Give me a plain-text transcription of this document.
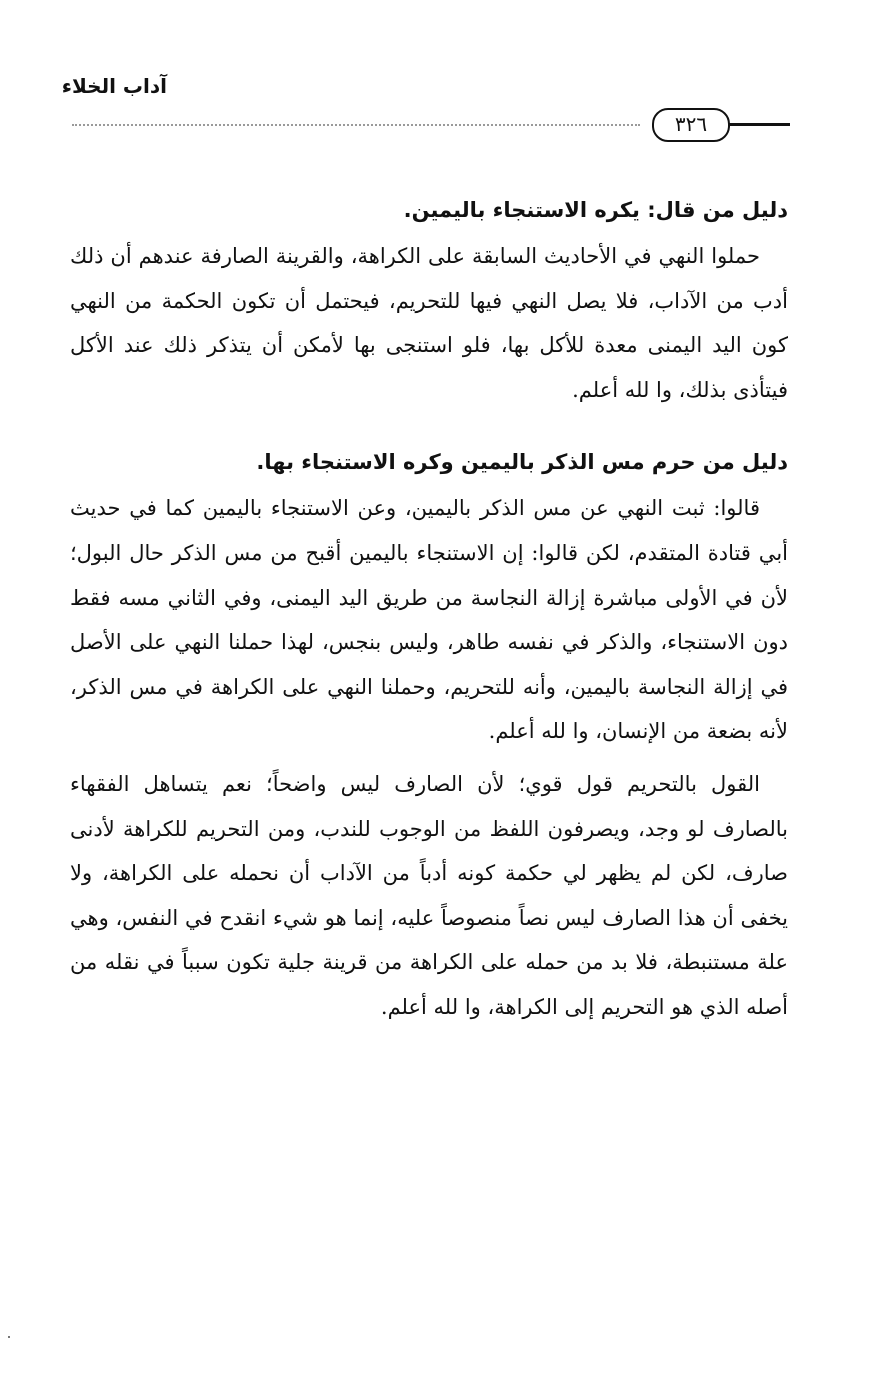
آداب الخلاء
٣٢٦
دليل من قال: يكره الاستنجاء باليمين.

حملوا النهي في الأحاديث السابقة على الكراهة، والقرينة الصارفة عندهم أن ذلك أدب من الآداب، فلا يصل النهي فيها للتحريم، فيحتمل أن تكون الحكمة من النهي كون اليد اليمنى معدة للأكل بها، فلو استنجى بها لأمكن أن يتذكر ذلك عند الأكل فيتأذى بذلك، وا لله أعلم.

دليل من حرم مس الذكر باليمين وكره الاستنجاء بها.

قالوا: ثبت النهي عن مس الذكر باليمين، وعن الاستنجاء باليمين كما في حديث أبي قتادة المتقدم، لكن قالوا: إن الاستنجاء باليمين أقبح من مس الذكر حال البول؛ لأن في الأولى مباشرة إزالة النجاسة من طريق اليد اليمنى، وفي الثاني مسه فقط دون الاستنجاء، والذكر في نفسه طاهر، وليس بنجس، لهذا حملنا النهي على الأصل في إزالة النجاسة باليمين، وأنه للتحريم، وحملنا النهي على الكراهة في مس الذكر، لأنه بضعة من الإنسان، وا لله أعلم.

القول بالتحريم قول قوي؛ لأن الصارف ليس واضحاً؛ نعم يتساهل الفقهاء بالصارف لو وجد، ويصرفون اللفظ من الوجوب للندب، ومن التحريم للكراهة لأدنى صارف، لكن لم يظهر لي حكمة كونه أدباً من الآداب أن نحمله على الكراهة، ولا يخفى أن هذا الصارف ليس نصاً منصوصاً عليه، إنما هو شيء انقدح في النفس، وهي علة مستنبطة، فلا بد من حمله على الكراهة من قرينة جلية تكون سبباً في نقله من أصله الذي هو التحريم إلى الكراهة، وا لله أعلم.
